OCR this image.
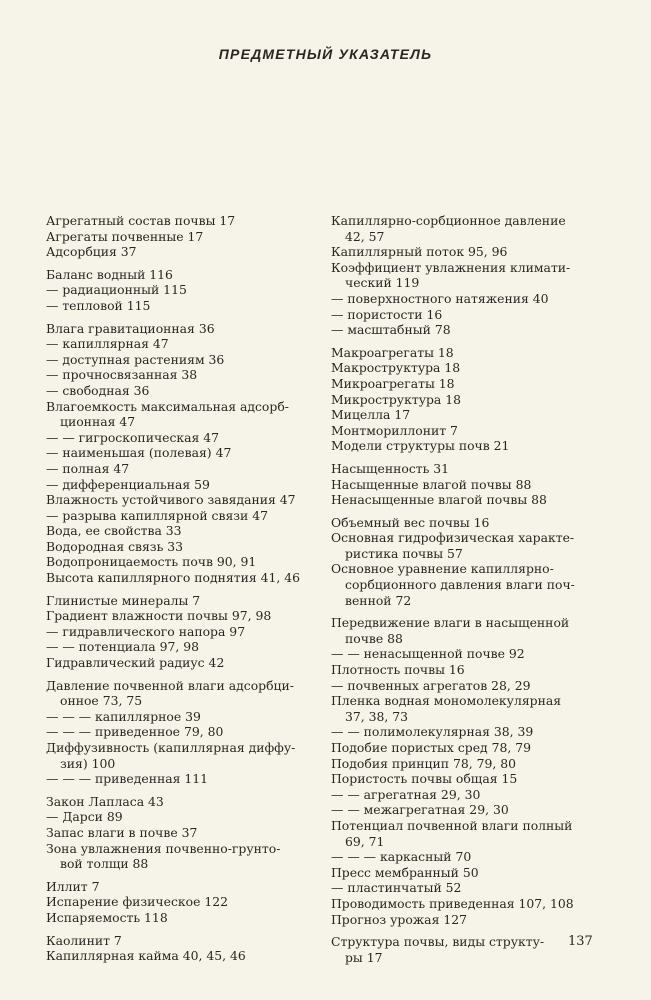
ПРЕДМЕТНЫЙ УКАЗАТЕЛЬ
Агрегатный состав почвы 17
Агрегаты почвенные 17
Адсорбция 37
Баланс водный 116
— радиационный 115
— тепловой 115
Влага гравитационная 36
— капиллярная 47
— доступная растениям 36
— прочносвязанная 38
— свободная 36
Влагоемкость максимальная адсорб-
ционная 47
— — гигроскопическая 47
— наименьшая (полевая) 47
— полная 47
— дифференциальная 59
Влажность устойчивого завядания 47
— разрыва капиллярной связи 47
Вода, ее свойства 33
Водородная связь 33
Водопроницаемость почв 90, 91
Высота капиллярного поднятия 41, 46
Глинистые минералы 7
Градиент влажности почвы 97, 98
— гидравлического напора 97
— — потенциала 97, 98
Гидравлический радиус 42
Давление почвенной влаги адсорбци-
онное 73, 75
— — — капиллярное 39
— — — приведенное 79, 80
Диффузивность (капиллярная диффу-
зия) 100
— — — приведенная 111
Закон Лапласа 43
— Дарси 89
Запас влаги в почве 37
Зона увлажнения почвенно-грунто-
вой толщи 88
Иллит 7
Испарение физическое 122
Испаряемость 118
Каолинит 7
Капиллярная кайма 40, 45, 46
Капиллярно-сорбционное давление
42, 57
Капиллярный поток 95, 96
Коэффициент увлажнения климати-
ческий 119
— поверхностного натяжения 40
— пористости 16
— масштабный 78
Макроагрегаты 18
Макроструктура 18
Микроагрегаты 18
Микроструктура 18
Мицелла 17
Монтмориллонит 7
Модели структуры почв 21
Насыщенность 31
Насыщенные влагой почвы 88
Ненасыщенные влагой почвы 88
Объемный вес почвы 16
Основная гидрофизическая характе-
ристика почвы 57
Основное уравнение капиллярно-
сорбционного давления влаги поч-
венной 72
Передвижение влаги в насыщенной
почве 88
— — ненасыщенной почве 92
Плотность почвы 16
— почвенных агрегатов 28, 29
Пленка водная мономолекулярная
37, 38, 73
— — полимолекулярная 38, 39
Подобие пористых сред 78, 79
Подобия принцип 78, 79, 80
Пористость почвы общая 15
— — агрегатная 29, 30
— — межагрегатная 29, 30
Потенциал почвенной влаги полный
69, 71
— — — каркасный 70
Пресс мембранный 50
— пластинчатый 52
Проводимость приведенная 107, 108
Прогноз урожая 127
Структура почвы, виды структу-
ры 17
137
